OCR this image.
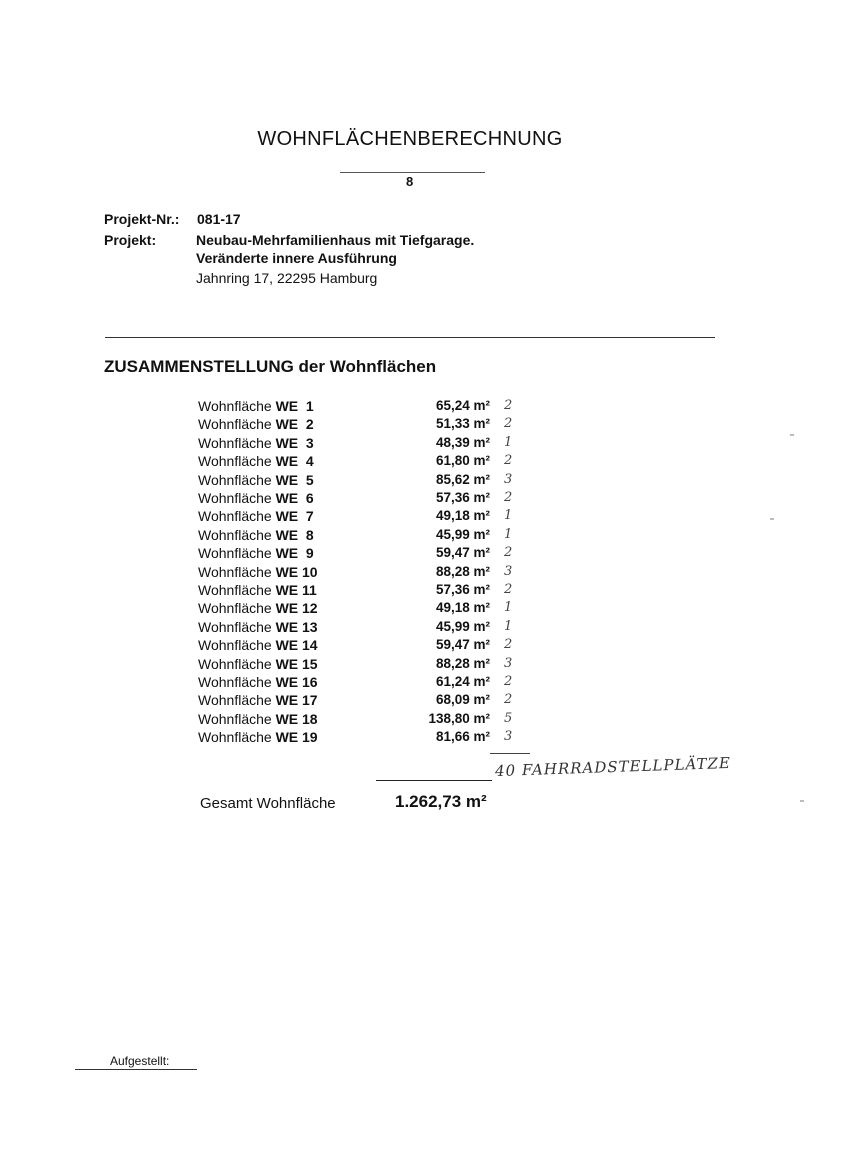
WOHNFLÄCHENBERECHNUNG
8
Projekt-Nr.: 081-17
Projekt:	Neubau-Mehrfamilienhaus mit Tiefgarage.
Veränderte innere Ausführung
Jahnring 17, 22295 Hamburg
ZUSAMMENSTELLUNG der Wohnflächen
Wohnfläche WE  1	65,24 m² 2
Wohnfläche WE  2	51,33 m² 2
Wohnfläche WE  3	48,39 m² 1
Wohnfläche WE  4	61,80 m² 2
Wohnfläche WE  5	85,62 m² 3
Wohnfläche WE  6	57,36 m² 2
Wohnfläche WE  7	49,18 m² 1
Wohnfläche WE  8	45,99 m² 1
Wohnfläche WE  9	59,47 m² 2
Wohnfläche WE 10	88,28 m² 3
Wohnfläche WE 11	57,36 m² 2
Wohnfläche WE 12	49,18 m² 1
Wohnfläche WE 13	45,99 m² 1
Wohnfläche WE 14	59,47 m² 2
Wohnfläche WE 15	88,28 m² 3
Wohnfläche WE 16	61,24 m² 2
Wohnfläche WE 17	68,09 m² 2
Wohnfläche WE 18	138,80 m² 5
Wohnfläche WE 19	81,66 m² 3
40 FAHRRADSTELLPLÄTZE
Gesamt Wohnfläche	1.262,73 m²
Aufgestellt:
